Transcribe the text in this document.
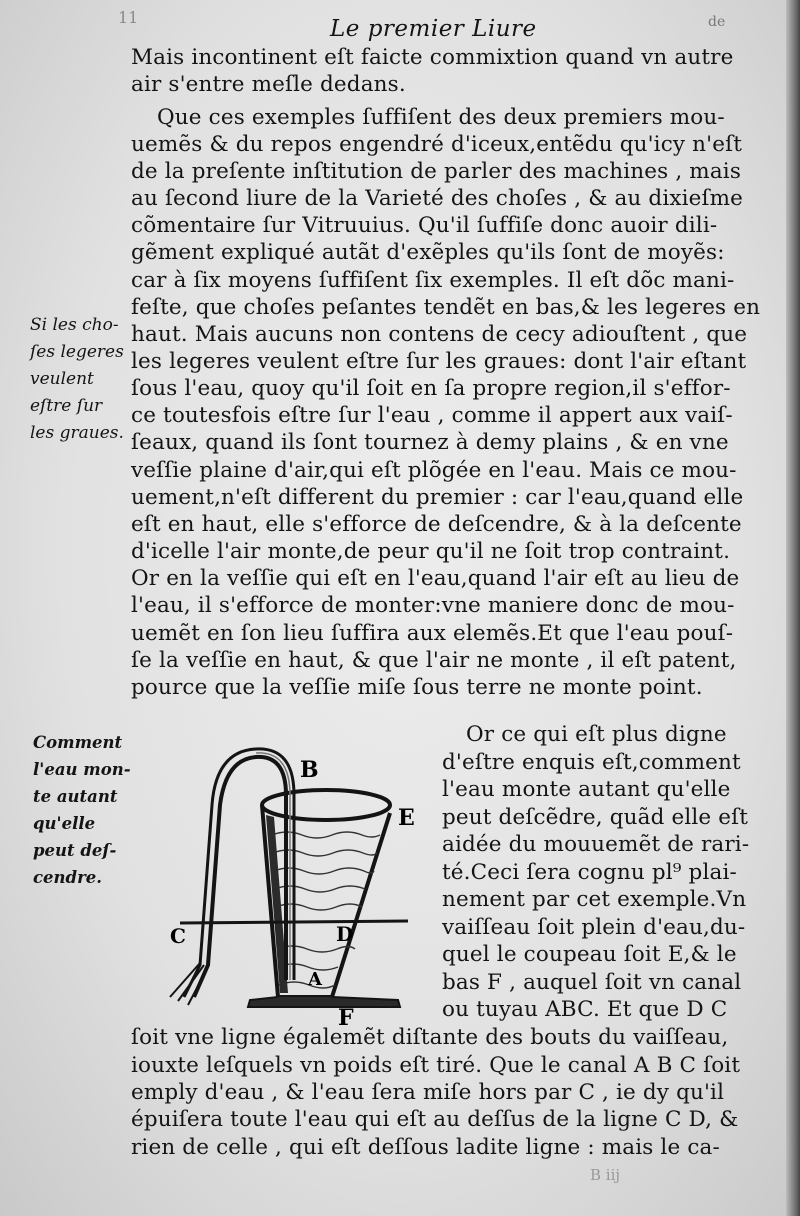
11	Le premier Liure	de
Mais incontinent eſt faicte commixtion quand vn autre
air s'entre meſle dedans.
Que ces exemples ſuffiſent des deux premiers mou-
uemẽs & du repos engendré d'iceux,entẽdu qu'icy n'eſt
de la preſente inſtitution de parler des machines , mais
au ſecond liure de la Varieté des choſes , & au dixieſme
cõmentaire ſur Vitruuius. Qu'il ſuffiſe donc auoir dili-
gẽment expliqué autãt d'exẽples qu'ils ſont de moyẽs:
car à ſix moyens ſuffiſent ſix exemples. Il eſt dõc mani-
feſte, que choſes peſantes tendẽt en bas,& les legeres en
haut. Mais aucuns non contens de cecy adiouſtent , que
les legeres veulent eſtre ſur les graues: dont l'air eſtant
ſous l'eau, quoy qu'il ſoit en ſa propre region,il s'effor-
ce toutesfois eſtre ſur l'eau , comme il appert aux vaiſ-
ſeaux, quand ils ſont tournez à demy plains , & en vne
veſſie plaine d'air,qui eſt plõgée en l'eau. Mais ce mou-
uement,n'eſt different du premier : car l'eau,quand elle
eſt en haut, elle s'efforce de deſcendre, & à la deſcente
d'icelle l'air monte,de peur qu'il ne ſoit trop contraint.
Or en la veſſie qui eſt en l'eau,quand l'air eſt au lieu de
l'eau, il s'efforce de monter:vne maniere donc de mou-
uemẽt en ſon lieu ſuffira aux elemẽs.Et que l'eau pouſ-
ſe la veſſie en haut, & que l'air ne monte , il eſt patent,
pource que la veſſie miſe ſous terre ne monte point.
Si les cho-
ſes legeres
veulent
eſtre ſur
les graues.
Comment
l'eau mon-
te autant
qu'elle
peut deſ-
cendre.
Or ce qui eſt plus digne
d'eſtre enquis eſt,comment
l'eau monte autant qu'elle
peut deſcẽdre, quãd elle eſt
aidée du mouuemẽt de rari-
té.Ceci ſera cognu pl⁹ plai-
nement par cet exemple.Vn
vaiſſeau ſoit plein d'eau,du-
quel le coupeau ſoit E,& le
bas F , auquel ſoit vn canal
ou tuyau ABC. Et que D C
B
E
C	D
A
F
ſoit vne ligne égalemẽt diſtante des bouts du vaiſſeau,
iouxte leſquels vn poids eſt tiré. Que le canal A B C ſoit
emply d'eau , & l'eau ſera miſe hors par C , ie dy qu'il
épuiſera toute l'eau qui eſt au deſſus de la ligne C D, &
rien de celle , qui eſt deſſous ladite ligne : mais le ca-
B iij
